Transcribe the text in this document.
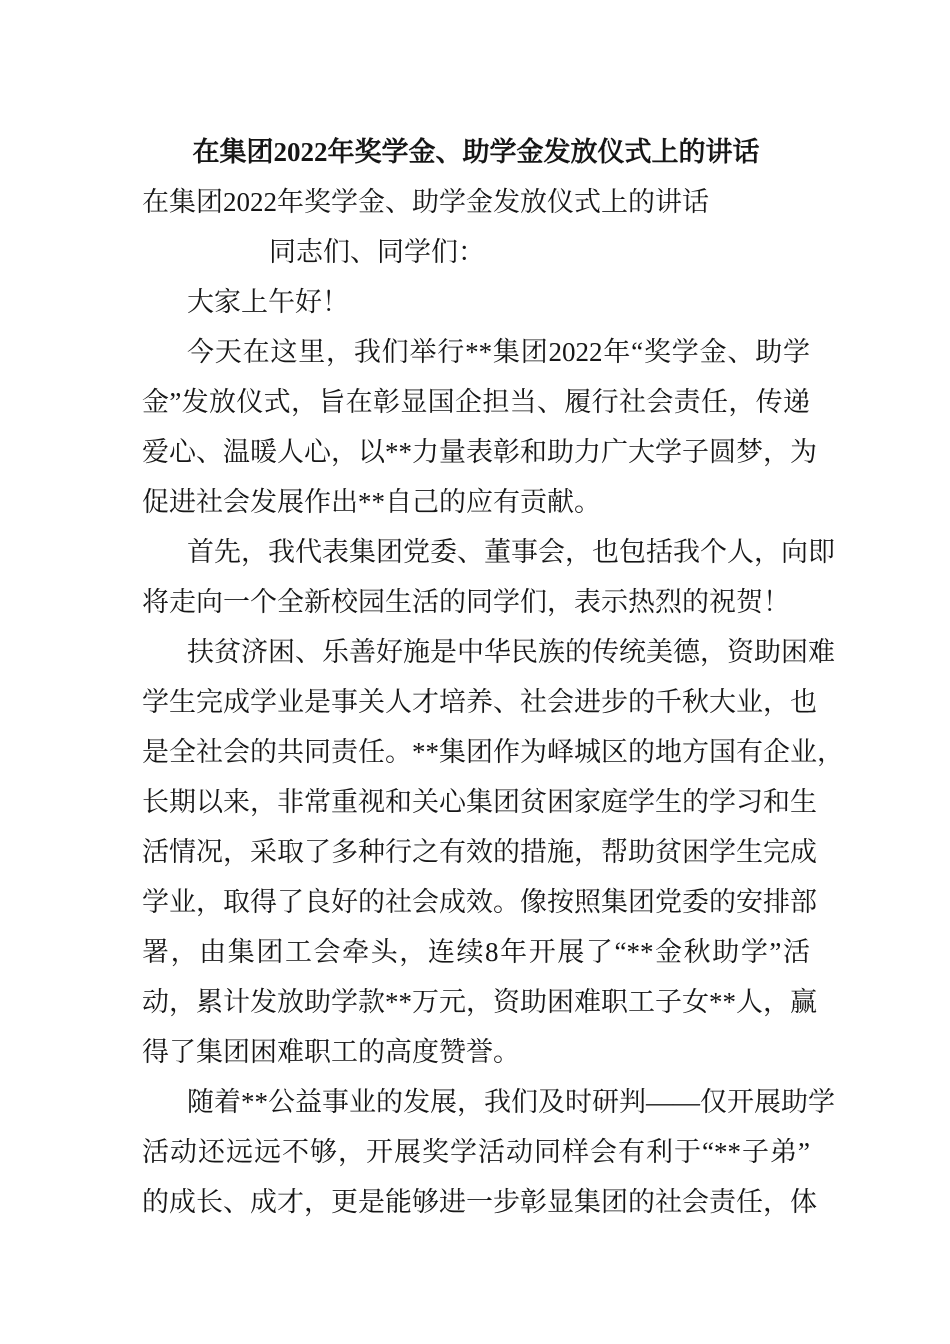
在集团2022年奖学金、助学金发放仪式上的讲话
在集团2022年奖学金、助学金发放仪式上的讲话
同志们、同学们：
大家上午好！
今天在这里，我们举行**集团2022年“奖学金、助学
金”发放仪式，旨在彰显国企担当、履行社会责任，传递
爱心、温暖人心，以**力量表彰和助力广大学子圆梦，为
促进社会发展作出**自己的应有贡献。
首先，我代表集团党委、董事会，也包括我个人，向即
将走向一个全新校园生活的同学们，表示热烈的祝贺！
扶贫济困、乐善好施是中华民族的传统美德，资助困难
学生完成学业是事关人才培养、社会进步的千秋大业，也
是全社会的共同责任。**集团作为峄城区的地方国有企业，
长期以来，非常重视和关心集团贫困家庭学生的学习和生
活情况，采取了多种行之有效的措施，帮助贫困学生完成
学业，取得了良好的社会成效。像按照集团党委的安排部
署，由集团工会牵头，连续8年开展了“**金秋助学”活
动，累计发放助学款**万元，资助困难职工子女**人，赢
得了集团困难职工的高度赞誉。
随着**公益事业的发展，我们及时研判——仅开展助学
活动还远远不够，开展奖学活动同样会有利于“**子弟”
的成长、成才，更是能够进一步彰显集团的社会责任，体
